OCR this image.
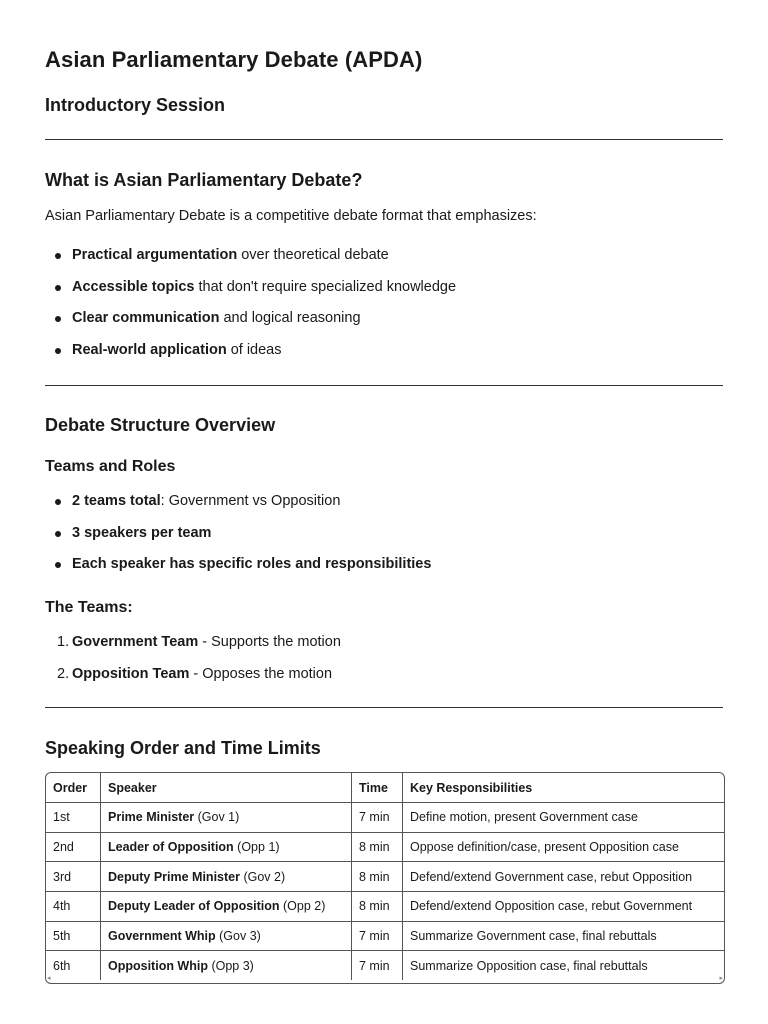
Asian Parliamentary Debate (APDA)
Introductory Session
What is Asian Parliamentary Debate?

Asian Parliamentary Debate is a competitive debate format that emphasizes:

Practical argumentation over theoretical debate
Accessible topics that don't require specialized knowledge
Clear communication and logical reasoning
Real-world application of ideas
Debate Structure Overview
Teams and Roles
2 teams total: Government vs Opposition
3 speakers per team
Each speaker has specific roles and responsibilities
The Teams:
1. Government Team - Supports the motion
2. Opposition Team - Opposes the motion
Speaking Order and Time Limits
Order	Speaker	Time	Key Responsibilities
1st	Prime Minister (Gov 1)	7 min	Define motion, present Government case
2nd	Leader of Opposition (Opp 1)	8 min	Oppose definition/case, present Opposition case
3rd	Deputy Prime Minister (Gov 2)	8 min	Defend/extend Government case, rebut Opposition
4th	Deputy Leader of Opposition (Opp 2)	8 min	Defend/extend Opposition case, rebut Government
5th	Government Whip (Gov 3)	7 min	Summarize Government case, final rebuttals
6th	Opposition Whip (Opp 3)	7 min	Summarize Opposition case, final rebuttals
◂	▸
